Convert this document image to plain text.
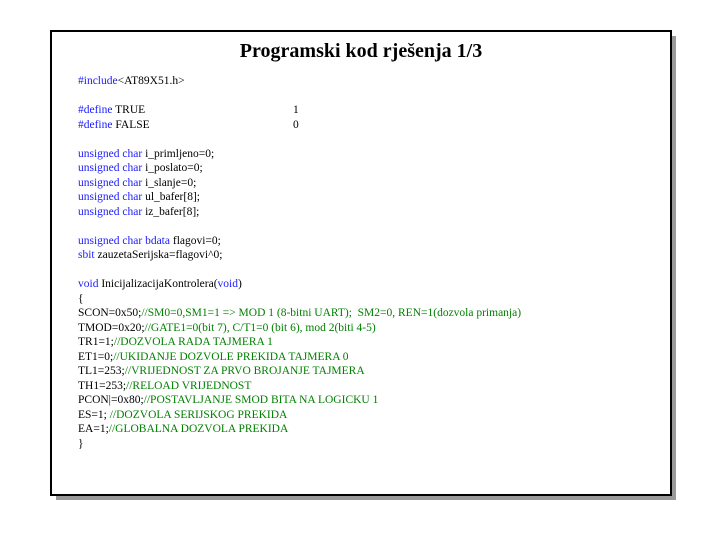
Programski kod rješenja 1/3
#include<AT89X51.h>
#define TRUE	1
#define FALSE	0
unsigned char i_primljeno=0;
unsigned char i_poslato=0;
unsigned char i_slanje=0;
unsigned char ul_bafer[8];
unsigned char iz_bafer[8];
unsigned char bdata flagovi=0;
sbit zauzetaSerijska=flagovi^0;
void InicijalizacijaKontrolera(void)
{
SCON=0x50;//SM0=0,SM1=1 => MOD 1 (8-bitni UART);  SM2=0, REN=1(dozvola primanja)
TMOD=0x20;//GATE1=0(bit 7), C/T1=0 (bit 6), mod 2(biti 4-5)
TR1=1;//DOZVOLA RADA TAJMERA 1
ET1=0;//UKIDANJE DOZVOLE PREKIDA TAJMERA 0
TL1=253;//VRIJEDNOST ZA PRVO BROJANJE TAJMERA
TH1=253;//RELOAD VRIJEDNOST
PCON|=0x80;//POSTAVLJANJE SMOD BITA NA LOGICKU 1
ES=1; //DOZVOLA SERIJSKOG PREKIDA
EA=1;//GLOBALNA DOZVOLA PREKIDA
}
